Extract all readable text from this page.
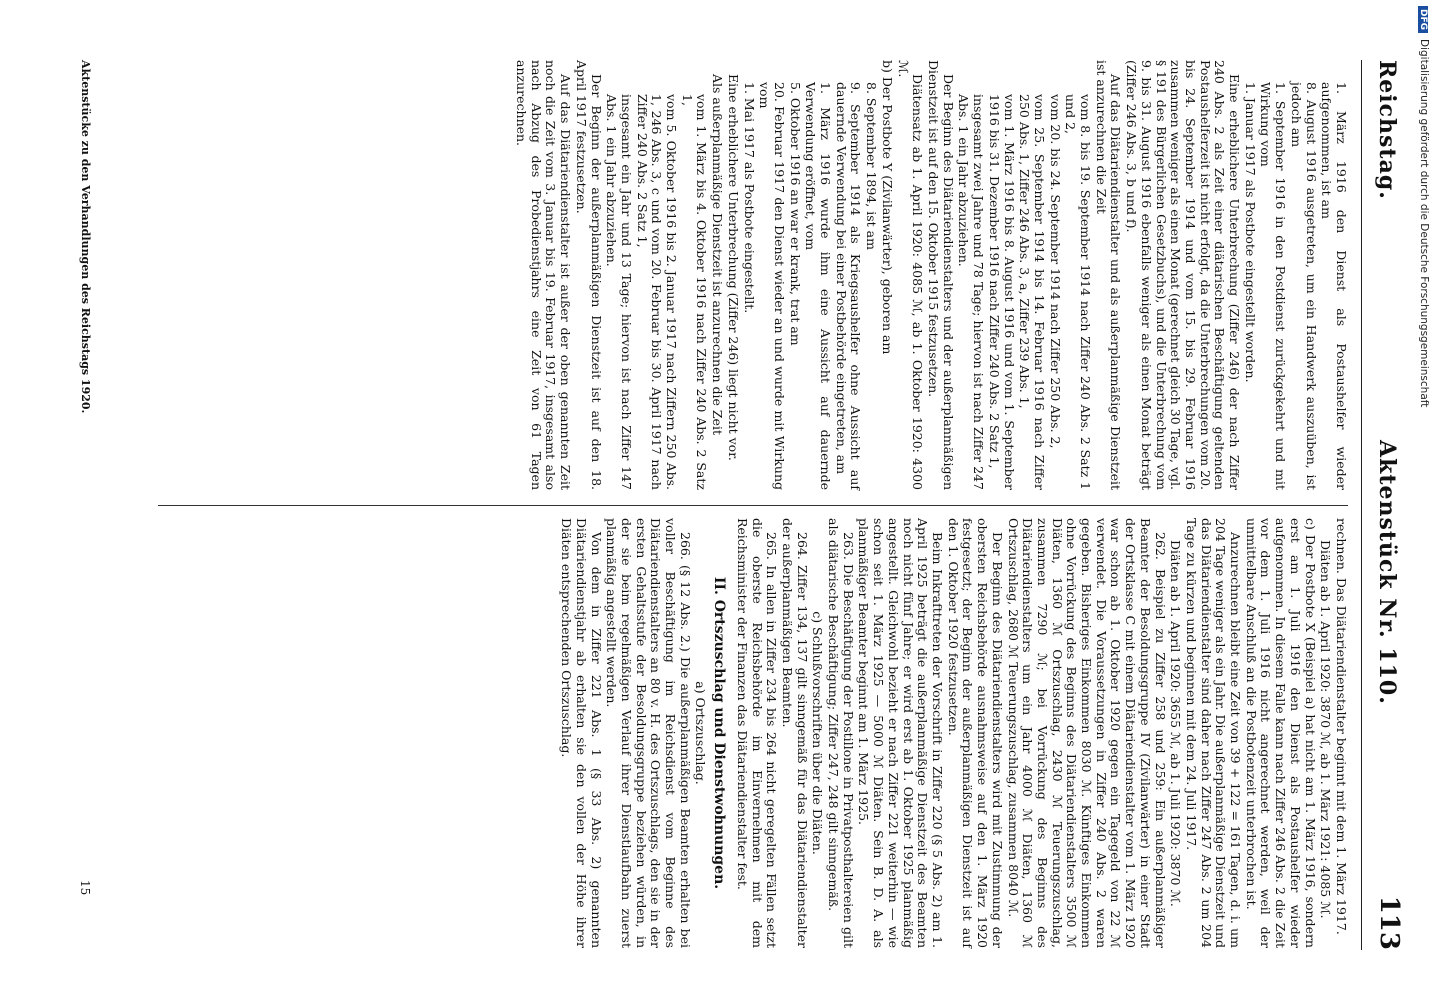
Reichstag.
Aktenstück Nr. 110.
113

1. März 1916 den Dienst als Postaushelfer wieder aufgenommen, ist am

8. August 1916 ausgetreten, um ein Handwerk auszuüben, ist jedoch am

1. September 1916 in den Postdienst zurückgekehrt und mit Wirkung vom

1. Januar 1917 als Postbote eingestellt worden.

Eine erheblichere Unterbrechung (Ziffer 246) der nach Ziffer 240 Abs. 2 als Zeit einer diätarischen Beschäftigung geltenden Postaushelferzeit ist nicht erfolgt, da die Unterbrechungen vom 20. bis 24. September 1914 und vom 15. bis 29. Februar 1916 zusammen weniger als einen Monat (gerechnet gleich 30 Tage, vgl. § 191 des Bürgerlichen Gesetzbuchs), und die Unterbrechung vom 9. bis 31. August 1916 ebenfalls weniger als einen Monat beträgt (Ziffer 246 Abs. 3, b und f).

Auf das Diätariendienstalter und als außerplanmäßige Dienstzeit ist anzurechnen die Zeit

vom 8. bis 19. September 1914 nach Ziffer 240 Abs. 2 Satz 1 und 2,

vom 20. bis 24. September 1914 nach Ziffer 250 Abs. 2,

vom 25. September 1914 bis 14. Februar 1916 nach Ziffer 250 Abs. 1, Ziffer 246 Abs. 3, a, Ziffer 239 Abs. 1,

vom 1. März 1916 bis 8. August 1916 und vom 1. September 1916 bis 31. Dezember 1916 nach Ziffer 240 Abs. 2 Satz 1,

insgesamt zwei Jahre und 78 Tage; hiervon ist nach Ziffer 247 Abs. 1 ein Jahr abzuziehen.

Der Beginn des Diätariendienstalters und der außerplanmäßigen Dienstzeit ist auf den 15. Oktober 1915 festzusetzen.

Diätensatz ab 1. April 1920: 4085 ℳ, ab 1. Oktober 1920: 4300 ℳ.

b) Der Postbote Y (Zivilanwärter), geboren am

8. September 1894, ist am

9. September 1914 als Kriegsaushelfer ohne Aussicht auf dauernde Verwendung bei einer Postbehörde eingetreten, am

1. März 1916 wurde ihm eine Aussicht auf dauernde Verwendung eröffnet, vom

5. Oktober 1916 an war er krank, trat am

20. Februar 1917 den Dienst wieder an und wurde mit Wirkung vom

1. Mai 1917 als Postbote eingestellt.

Eine erheblichere Unterbrechung (Ziffer 246) liegt nicht vor.

Als außerplanmäßige Dienstzeit ist anzurechnen die Zeit

vom 1. März bis 4. Oktober 1916 nach Ziffer 240 Abs. 2 Satz 1,

vom 5. Oktober 1916 bis 2. Januar 1917 nach Ziffern 250 Abs. 1, 246 Abs. 3, c und vom 20. Februar bis 30. April 1917 nach Ziffer 240 Abs. 2 Satz 1,

insgesamt ein Jahr und 13 Tage; hiervon ist nach Ziffer 147 Abs. 1 ein Jahr abzuziehen.

Der Beginn der außerplanmäßigen Dienstzeit ist auf den 18. April 1917 festzusetzen.

Auf das Diätariendienstalter ist außer der oben genannten Zeit noch die Zeit vom 3. Januar bis 19. Februar 1917, insgesamt also nach Abzug des Probedienstjahrs eine Zeit von 61 Tagen anzurechnen.

rechnen. Das Diätariendienstalter beginnt mit dem 1. März 1917.

Diäten ab 1. April 1920: 3870 ℳ, ab 1. März 1921: 4085 ℳ.

c) Der Postbote X (Beispiel a) hat nicht am 1. März 1916, sondern erst am 1. Juli 1916 den Dienst als Postaushelfer wieder aufgenommen. In diesem Falle kann nach Ziffer 246 Abs. 2 die Zeit vor dem 1. Juli 1916 nicht angerechnet werden, weil der unmittelbare Anschluß an die Postbotenzeit unterbrochen ist.

Anzurechnen bleibt eine Zeit von 39 + 122 = 161 Tagen, d. i. um 204 Tage weniger als ein Jahr. Die außerplanmäßige Dienstzeit und das Diätariendienstalter sind daher nach Ziffer 247 Abs. 2 um 204 Tage zu kürzen und beginnen mit dem 24. Juli 1917.

Diäten ab 1. April 1920: 3655 ℳ, ab 1. Juli 1920: 3870 ℳ.

262. Beispiel zu Ziffer 258 und 259: Ein außerplanmäßiger Beamter der Besoldungsgruppe IV (Zivilanwärter) in einer Stadt der Ortsklasse C mit einem Diätariendienstalter vom 1. März 1920 war schon ab 1. Oktober 1920 gegen ein Tagegeld von 22 ℳ verwendet. Die Voraussetzungen in Ziffer 240 Abs. 2 waren gegeben. Bisheriges Einkommen 8030 ℳ. Künftiges Einkommen ohne Vorrückung des Beginns des Diätariendienstalters 3500 ℳ Diäten, 1360 ℳ Ortszuschlag, 2430 ℳ Teuerungszuschlag, zusammen 7290 ℳ; bei Vorrückung des Beginns des Diätariendienstalters um ein Jahr 4000 ℳ Diäten, 1360 ℳ Ortszuschlag, 2680 ℳ Teuerungszuschlag, zusammen 8040 ℳ.

Der Beginn des Diätariendienstalters wird mit Zustimmung der obersten Reichsbehörde ausnahmsweise auf den 1. März 1920 festgesetzt; der Beginn der außerplanmäßigen Dienstzeit ist auf den 1. Oktober 1920 festzusetzen.

Beim Inkrafttreten der Vorschrift in Ziffer 220 (§ 5 Abs. 2) am 1. April 1925 beträgt die außerplanmäßige Dienstzeit des Beamten noch nicht fünf Jahre; er wird erst ab 1. Oktober 1925 planmäßig angestellt. Gleichwohl bezieht er nach Ziffer 221 weiterhin — wie schon seit 1. März 1925 — 5000 ℳ Diäten. Sein B. D. A. als planmäßiger Beamter beginnt am 1. März 1925.

263. Die Beschäftigung der Postillone in Privatposthaltereien gilt als diätarische Beschäftigung; Ziffer 247, 248 gilt sinngemäß.

c) Schlußvorschriften über die Diäten.

264. Ziffer 134, 137 gilt sinngemäß für das Diätariendienstalter der außerplanmäßigen Beamten.

265. In allen in Ziffer 234 bis 264 nicht geregelten Fällen setzt die oberste Reichsbehörde im Einvernehmen mit dem Reichsminister der Finanzen das Diätariendienstalter fest.

II. Ortszuschlag und Dienstwohnungen.

a) Ortszuschlag.

266. (§ 12 Abs. 2.) Die außerplanmäßigen Beamten erhalten bei voller Beschäftigung im Reichsdienst vom Beginne des Diätariendienstalters an 80 v. H. des Ortszuschlags, den sie in der ersten Gehaltsstufe der Besoldungsgruppe beziehen würden, in der sie beim regelmäßigen Verlauf ihrer Dienstlaufbahn zuerst planmäßig angestellt werden.

Von dem in Ziffer 221 Abs. 1 (§ 33 Abs. 2) genannten Diätariendienstjahr ab erhalten sie den vollen der Höhe ihrer Diäten entsprechenden Ortszuschlag.

Aktenstücke zu den Verhandlungen des Reichstags 1920.
15
DFGDigitalisierung gefördert durch die Deutsche Forschungsgemeinschaft
